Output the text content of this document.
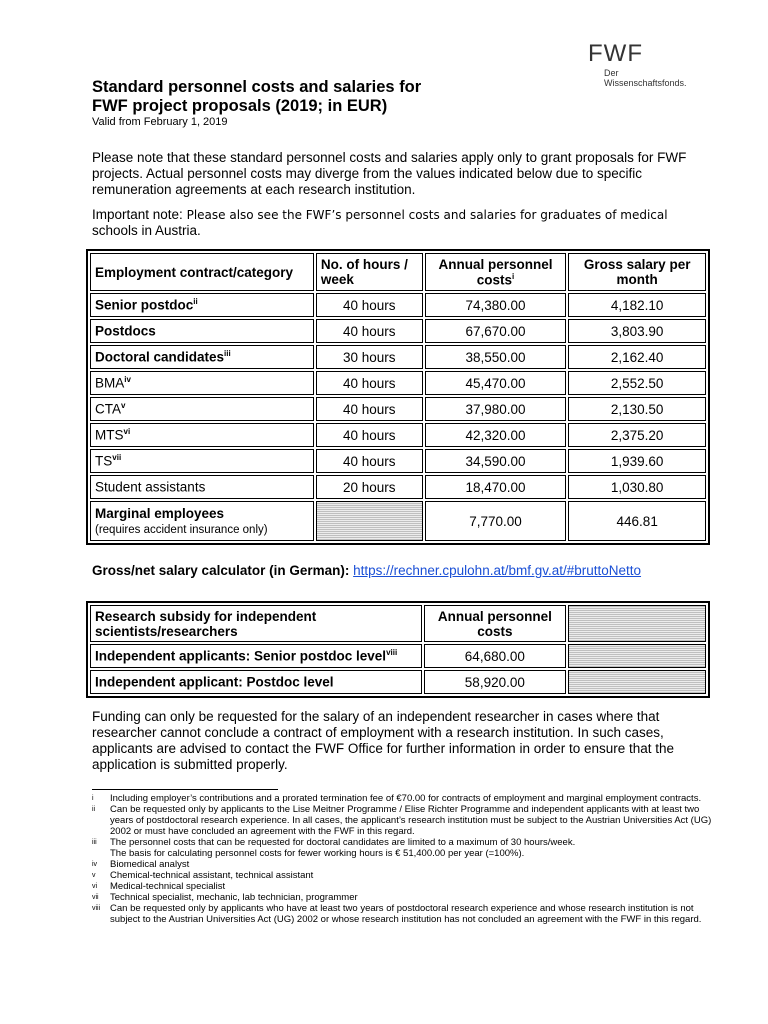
FWF
Der Wissenschaftsfonds.
Standard personnel costs and salaries for
FWF project proposals (2019; in EUR)
Valid from February 1, 2019
Please note that these standard personnel costs and salaries apply only to grant proposals for FWF projects. Actual personnel costs may diverge from the values indicated below due to specific remuneration agreements at each research institution.
Important note: Please also see the FWF’s personnel costs and salaries for graduates of medical
schools in Austria.
Employment contract/category	No. of hours / week	Annual personnel costs$^i$	Gross salary per month
Senior postdoc$^{ii}$	40 hours	74,380.00	4,182.10
Postdocs	40 hours	67,670.00	3,803.90
Doctoral candidates$^{iii}$	30 hours	38,550.00	2,162.40
BMA$^{iv}$	40 hours	45,470.00	2,552.50
CTA$^v$	40 hours	37,980.00	2,130.50
MTS$^{vi}$	40 hours	42,320.00	2,375.20
TS$^{vii}$	40 hours	34,590.00	1,939.60
Student assistants	20 hours	18,470.00	1,030.80
Marginal employees
(requires accident insurance only)		7,770.00	446.81
Gross/net salary calculator (in German): https://rechner.cpulohn.at/bmf.gv.at/#bruttoNetto
Research subsidy for independent scientists/researchers	Annual personnel costs	
Independent applicants: Senior postdoc level$^{viii}$	64,680.00	
Independent applicant: Postdoc level	58,920.00	
Funding can only be requested for the salary of an independent researcher in cases where that researcher cannot conclude a contract of employment with a research institution. In such cases, applicants are advised to contact the FWF Office for further information in order to ensure that the application is submitted properly.
i	Including employer’s contributions and a prorated termination fee of €70.00 for contracts of employment and marginal employment contracts.
ii	Can be requested only by applicants to the Lise Meitner Programme / Elise Richter Programme and independent applicants with at least two years of postdoctoral research experience. In all cases, the applicant’s research institution must be subject to the Austrian Universities Act (UG) 2002 or must have concluded an agreement with the FWF in this regard.
iii	The personnel costs that can be requested for doctoral candidates are limited to a maximum of 30 hours/week.
The basis for calculating personnel costs for fewer working hours is € 51,400.00 per year (=100%).
iv	Biomedical analyst
v	Chemical-technical assistant, technical assistant
vi	Medical-technical specialist
vii	Technical specialist, mechanic, lab technician, programmer
viii	Can be requested only by applicants who have at least two years of postdoctoral research experience and whose research institution is not subject to the Austrian Universities Act (UG) 2002 or whose research institution has not concluded an agreement with the FWF in this regard.
